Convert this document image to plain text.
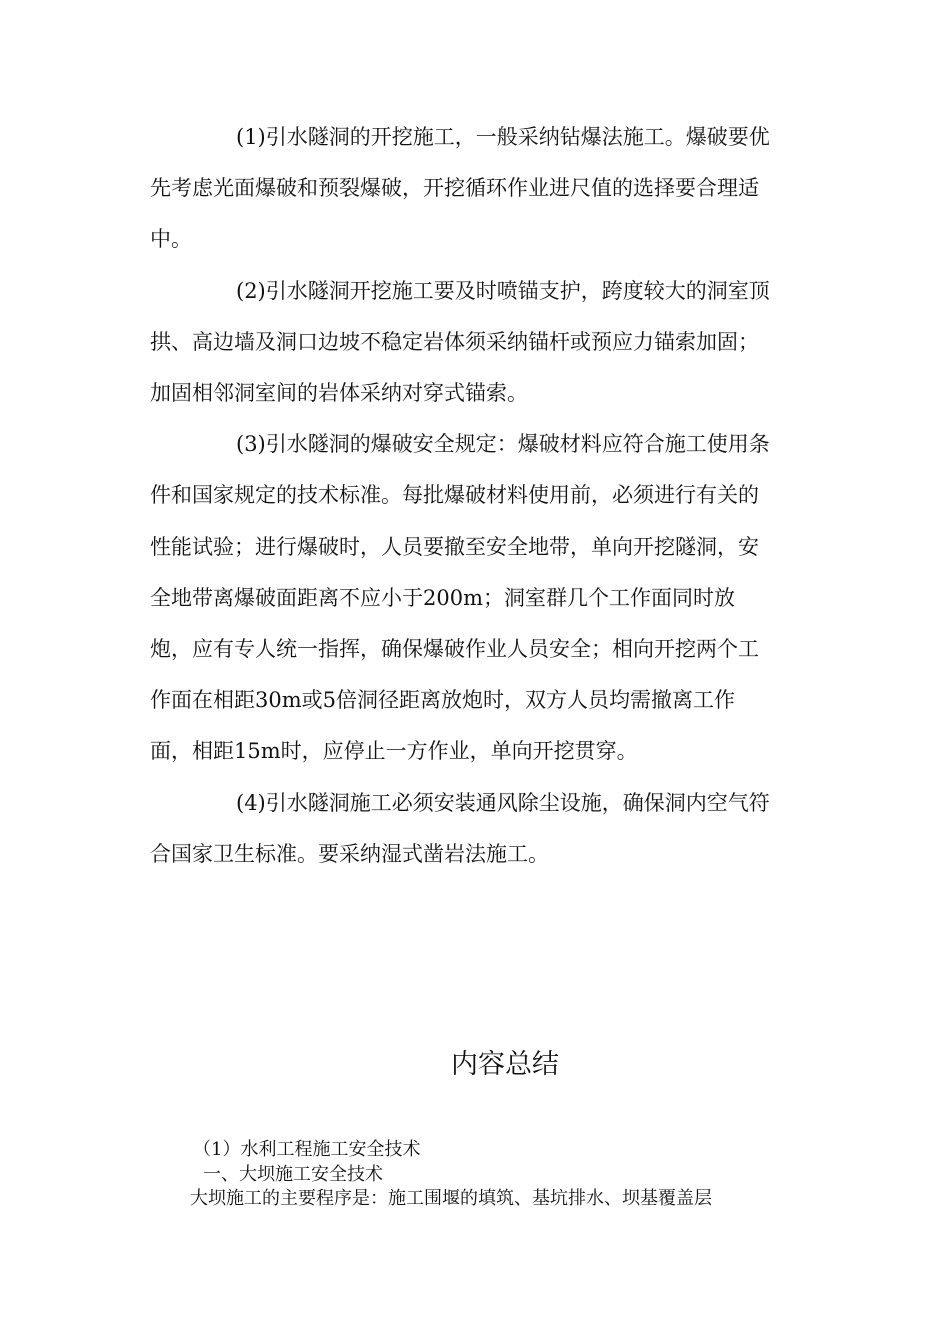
(1)引水隧洞的开挖施工，一般采纳钻爆法施工。爆破要优
先考虑光面爆破和预裂爆破，开挖循环作业进尺值的选择要合理适
中。
(2)引水隧洞开挖施工要及时喷锚支护，跨度较大的洞室顶
拱、高边墙及洞口边坡不稳定岩体须采纳锚杆或预应力锚索加固；
加固相邻洞室间的岩体采纳对穿式锚索。
(3)引水隧洞的爆破安全规定：爆破材料应符合施工使用条
件和国家规定的技术标准。每批爆破材料使用前，必须进行有关的
性能试验；进行爆破时，人员要撤至安全地带，单向开挖隧洞，安
全地带离爆破面距离不应小于200m；洞室群几个工作面同时放
炮，应有专人统一指挥，确保爆破作业人员安全；相向开挖两个工
作面在相距30m或5倍洞径距离放炮时，双方人员均需撤离工作
面，相距15m时，应停止一方作业，单向开挖贯穿。
(4)引水隧洞施工必须安装通风除尘设施，确保洞内空气符
合国家卫生标准。要采纳湿式凿岩法施工。
内容总结
（1）水利工程施工安全技术
一、大坝施工安全技术
大坝施工的主要程序是：施工围堰的填筑、基坑排水、坝基覆盖层
